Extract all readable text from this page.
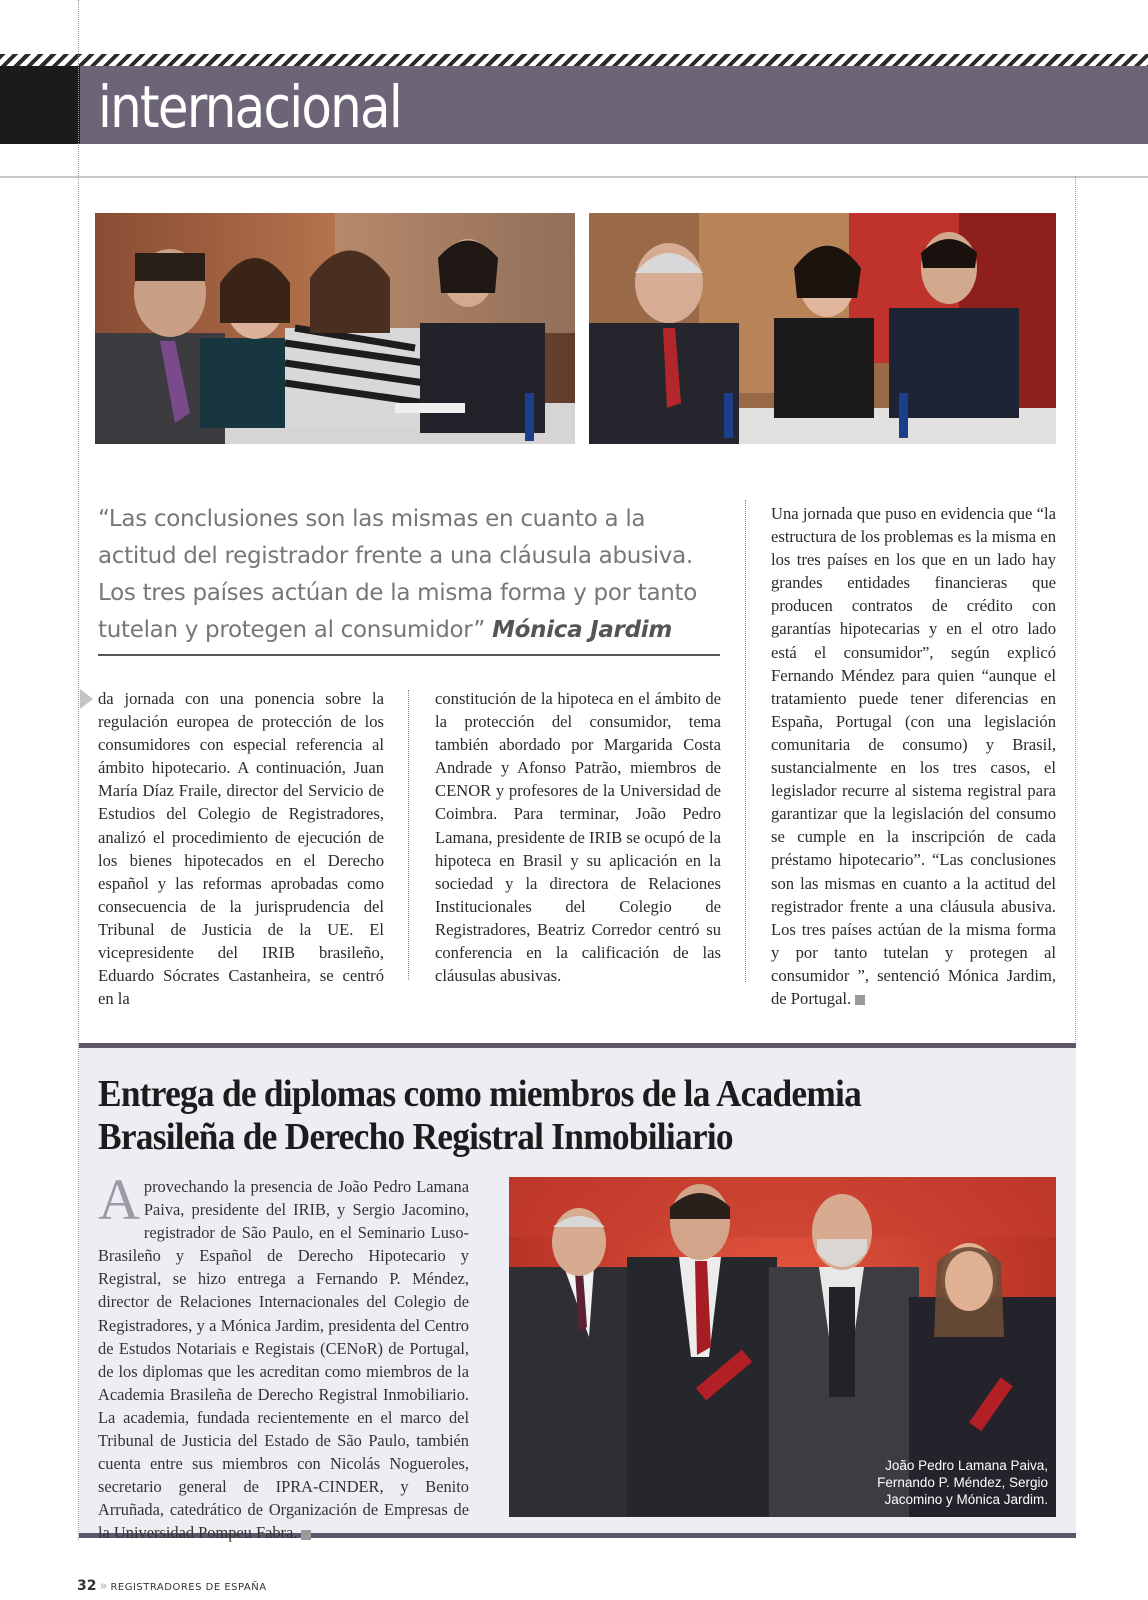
internacional

“Las conclusiones son las mismas en cuanto a la actitud del registrador frente a una cláusula abusiva. Los tres países actúan de la misma forma y por tanto tutelan y protegen al consumidor” Mónica Jardim

da jornada con una ponencia sobre la regulación europea de protección de los consumidores con especial referencia al ámbito hipotecario. A continuación, Juan María Díaz Fraile, director del Servicio de Estudios del Colegio de Registradores, analizó el procedimiento de ejecución de los bienes hipotecados en el Derecho español y las reformas aprobadas como consecuencia de la jurisprudencia del Tribunal de Justicia de la UE. El vicepresidente del IRIB brasileño, Eduardo Sócrates Castanheira, se centró en la

constitución de la hipoteca en el ámbito de la protección del consumidor, tema también abordado por Margarida Costa Andrade y Afonso Patrão, miembros de CENOR y profesores de la Universidad de Coimbra. Para terminar, João Pedro Lamana, presidente de IRIB se ocupó de la hipoteca en Brasil y su aplicación en la sociedad y la directora de Relaciones Institucionales del Colegio de Registradores, Beatriz Corredor centró su conferencia en la calificación de las cláusulas abusivas.

Una jornada que puso en evidencia que “la estructura de los problemas es la misma en los tres países en los que en un lado hay grandes entidades financieras que producen contratos de crédito con garantías hipotecarias y en el otro lado está el consumidor”, según explicó Fernando Méndez para quien “aunque el tratamiento puede tener diferencias en España, Portugal (con una legislación comunitaria de consumo) y Brasil, sustancialmente en los tres casos, el legislador recurre al sistema registral para garantizar que la legislación del consumo se cumple en la inscripción de cada préstamo hipotecario”. “Las conclusiones son las mismas en cuanto a la actitud del registrador frente a una cláusula abusiva. Los tres países actúan de la misma forma y por tanto tutelan y protegen al consumidor ”, sentenció Mónica Jardim, de Portugal.

Entrega de diplomas como miembros de la Academia Brasileña de Derecho Registral Inmobiliario

Aprovechando la presencia de João Pedro Lamana Paiva, presidente del IRIB, y Sergio Jacomino, registrador de São Paulo, en el Seminario Luso-Brasileño y Español de Derecho Hipotecario y Registral, se hizo entrega a Fernando P. Méndez, director de Relaciones Internacionales del Colegio de Registradores, y a Mónica Jardim, presidenta del Centro de Estudos Notariais e Registais (CENoR) de Portugal, de los diplomas que les acreditan como miembros de la Academia Brasileña de Derecho Registral Inmobiliario. La academia, fundada recientemente en el marco del Tribunal de Justicia del Estado de São Paulo, también cuenta entre sus miembros con Nicolás Nogueroles, secretario general de IPRA-CINDER, y Benito Arruñada, catedrático de Organización de Empresas de la Universidad Pompeu Fabra.

João Pedro Lamana Paiva,
Fernando P. Méndez, Sergio
Jacomino y Mónica Jardim.
32 » REGISTRADORES DE ESPAÑA
